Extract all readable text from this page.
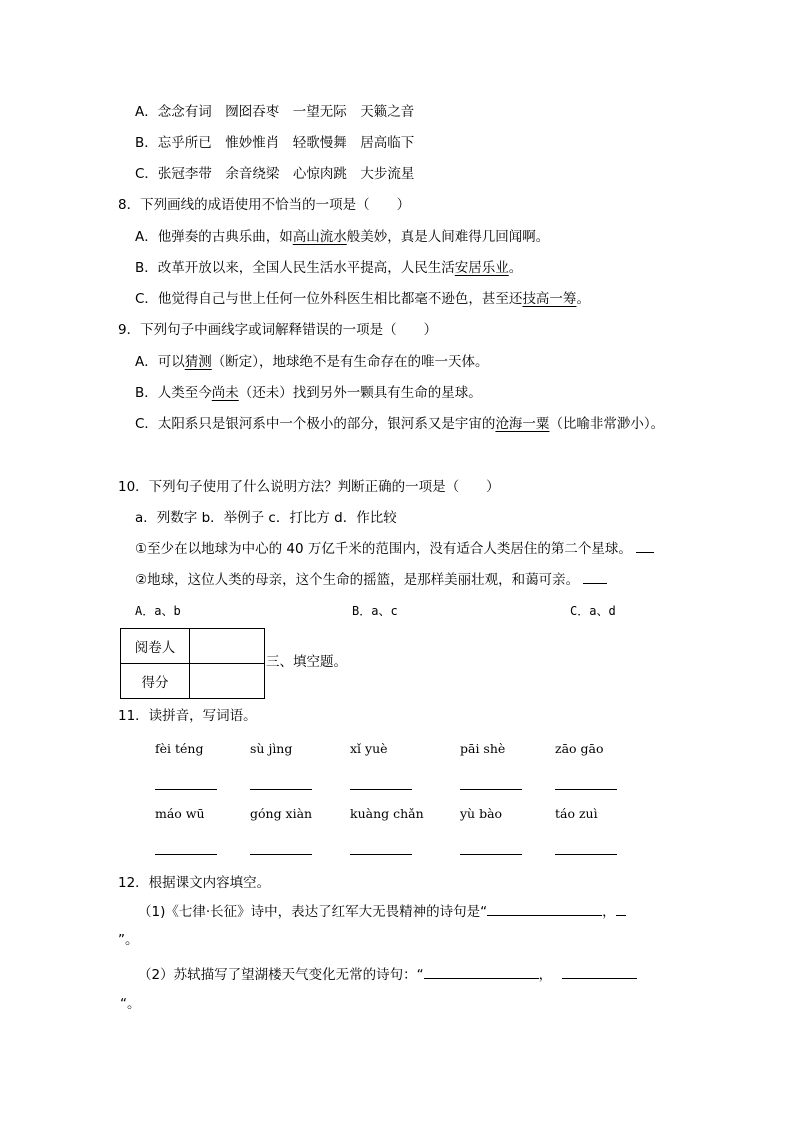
A．念念有词　囫囵吞枣　一望无际　天籁之音
B．忘乎所已　惟妙惟肖　轻歌慢舞　居高临下
C．张冠李带　余音绕梁　心惊肉跳　大步流星
8．下列画线的成语使用不恰当的一项是（　　）
A．他弹奏的古典乐曲，如高山流水般美妙，真是人间难得几回闻啊。
B．改革开放以来，全国人民生活水平提高，人民生活安居乐业。
C．他觉得自己与世上任何一位外科医生相比都毫不逊色，甚至还技高一筹。
9．下列句子中画线字或词解释错误的一项是（　　）
A．可以猜测（断定），地球绝不是有生命存在的唯一天体。
B．人类至今尚未（还未）找到另外一颗具有生命的星球。
C．太阳系只是银河系中一个极小的部分，银河系又是宇宙的沧海一粟（比喻非常渺小）。
10．下列句子使用了什么说明方法？判断正确的一项是（　　）
a．列数字 b．举例子 c．打比方 d．作比较
①至少在以地球为中心的 40 万亿千米的范围内，没有适合人类居住的第二个星球。
②地球，这位人类的母亲，这个生命的摇篮，是那样美丽壮观，和蔼可亲。
A．a、b	B．a、c	C．a、d
阅卷人	
得分	
三、填空题。
11．读拼音，写词语。
fèi téng	sù jìng	xǐ yuè	pāi shè	zāo gāo
máo wū	góng xiàn	kuàng chǎn	yù bào	táo zuì
12．根据课文内容填空。
（1)《七律·长征》诗中，表达了红军大无畏精神的诗句是“	，
”。
（2）苏轼描写了望湖楼天气变化无常的诗句：“	，
“。
